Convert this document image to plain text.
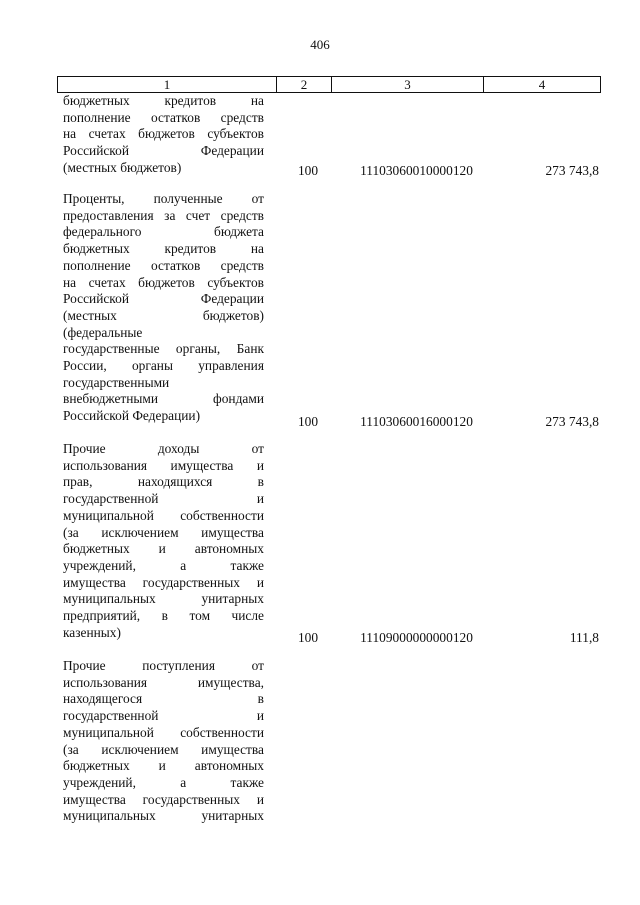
406
1	2	3	4
бюджетных кредитов на
пополнение остатков средств
на счетах бюджетов субъектов
Российской Федерации
(местных бюджетов)	100	11103060010000120	273 743,8
Проценты, полученные от
предоставления за счет средств
федерального бюджета
бюджетных кредитов на
пополнение остатков средств
на счетах бюджетов субъектов
Российской Федерации
(местных бюджетов)
(федеральные
государственные органы, Банк
России, органы управления
государственными
внебюджетными фондами
Российской Федерации)	100	11103060016000120	273 743,8
Прочие доходы от
использования имущества и
прав, находящихся в
государственной и
муниципальной собственности
(за исключением имущества
бюджетных и автономных
учреждений, а также
имущества государственных и
муниципальных унитарных
предприятий, в том числе
казенных)	100	11109000000000120	111,8
Прочие поступления от
использования имущества,
находящегося в
государственной и
муниципальной собственности
(за исключением имущества
бюджетных и автономных
учреждений, а также
имущества государственных и
муниципальных унитарных
